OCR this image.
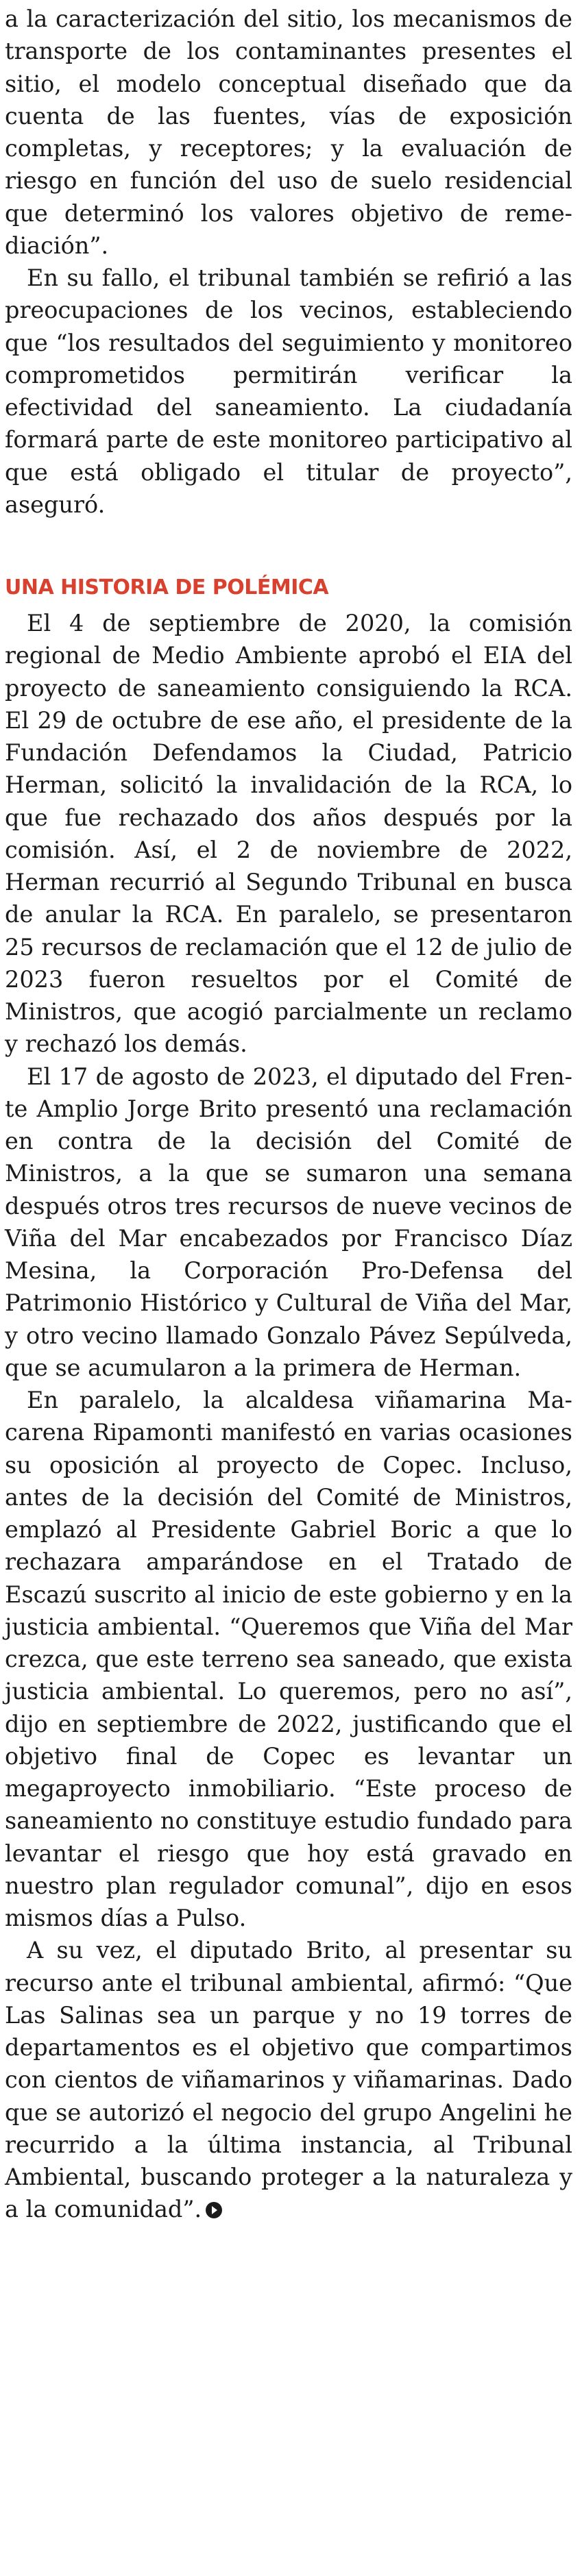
a la caracterización del sitio, los mecanismos de transporte de los contaminantes presentes el sitio, el modelo conceptual diseñado que da cuenta de las fuentes, vías de exposición completas, y receptores; y la evaluación de riesgo en función del uso de suelo residencial que determinó los valores objetivo de remediación”.

En su fallo, el tribunal también se refirió a las preocupaciones de los vecinos, estableciendo que “los resultados del seguimiento y monitoreo comprometidos permitirán verificar la efectividad del saneamiento. La ciudadanía formará parte de este monitoreo participativo al que está obligado el titular de proyecto”, aseguró.

UNA HISTORIA DE POLÉMICA

El 4 de septiembre de 2020, la comisión regional de Medio Ambiente aprobó el EIA del proyecto de saneamiento consiguiendo la RCA. El 29 de octubre de ese año, el presidente de la Fundación Defendamos la Ciudad, Patricio Herman, solicitó la invalidación de la RCA, lo que fue rechazado dos años después por la comisión. Así, el 2 de noviembre de 2022, Herman recurrió al Segundo Tribunal en busca de anular la RCA. En paralelo, se presentaron 25 recursos de reclamación que el 12 de julio de 2023 fueron resueltos por el Comité de Ministros, que acogió parcialmente un reclamo y rechazó los demás.

El 17 de agosto de 2023, el diputado del Frente Amplio Jorge Brito presentó una reclamación en contra de la decisión del Comité de Ministros, a la que se sumaron una semana después otros tres recursos de nueve vecinos de Viña del Mar encabezados por Francisco Díaz Mesina, la Corporación Pro-Defensa del Patrimonio Histórico y Cultural de Viña del Mar, y otro vecino llamado Gonzalo Pávez Sepúlveda, que se acumularon a la primera de Herman.

En paralelo, la alcaldesa viñamarina Macarena Ripamonti manifestó en varias ocasiones su oposición al proyecto de Copec. Incluso, antes de la decisión del Comité de Ministros, emplazó al Presidente Gabriel Boric a que lo rechazara amparándose en el Tratado de Escazú suscrito al inicio de este gobierno y en la justicia ambiental. “Queremos que Viña del Mar crezca, que este terreno sea saneado, que exista justicia ambiental. Lo queremos, pero no así”, dijo en septiembre de 2022, justificando que el objetivo final de Copec es levantar un megaproyecto inmobiliario. “Este proceso de saneamiento no constituye estudio fundado para levantar el riesgo que hoy está gravado en nuestro plan regulador comunal”, dijo en esos mismos días a Pulso.

A su vez, el diputado Brito, al presentar su recurso ante el tribunal ambiental, afirmó: “Que Las Salinas sea un parque y no 19 torres de departamentos es el objetivo que compartimos con cientos de viñamarinos y viñamarinas. Dado que se autorizó el negocio del grupo Angelini he recurrido a la última instancia, al Tribunal Ambiental, buscando proteger a la naturaleza y a la comunidad”.
